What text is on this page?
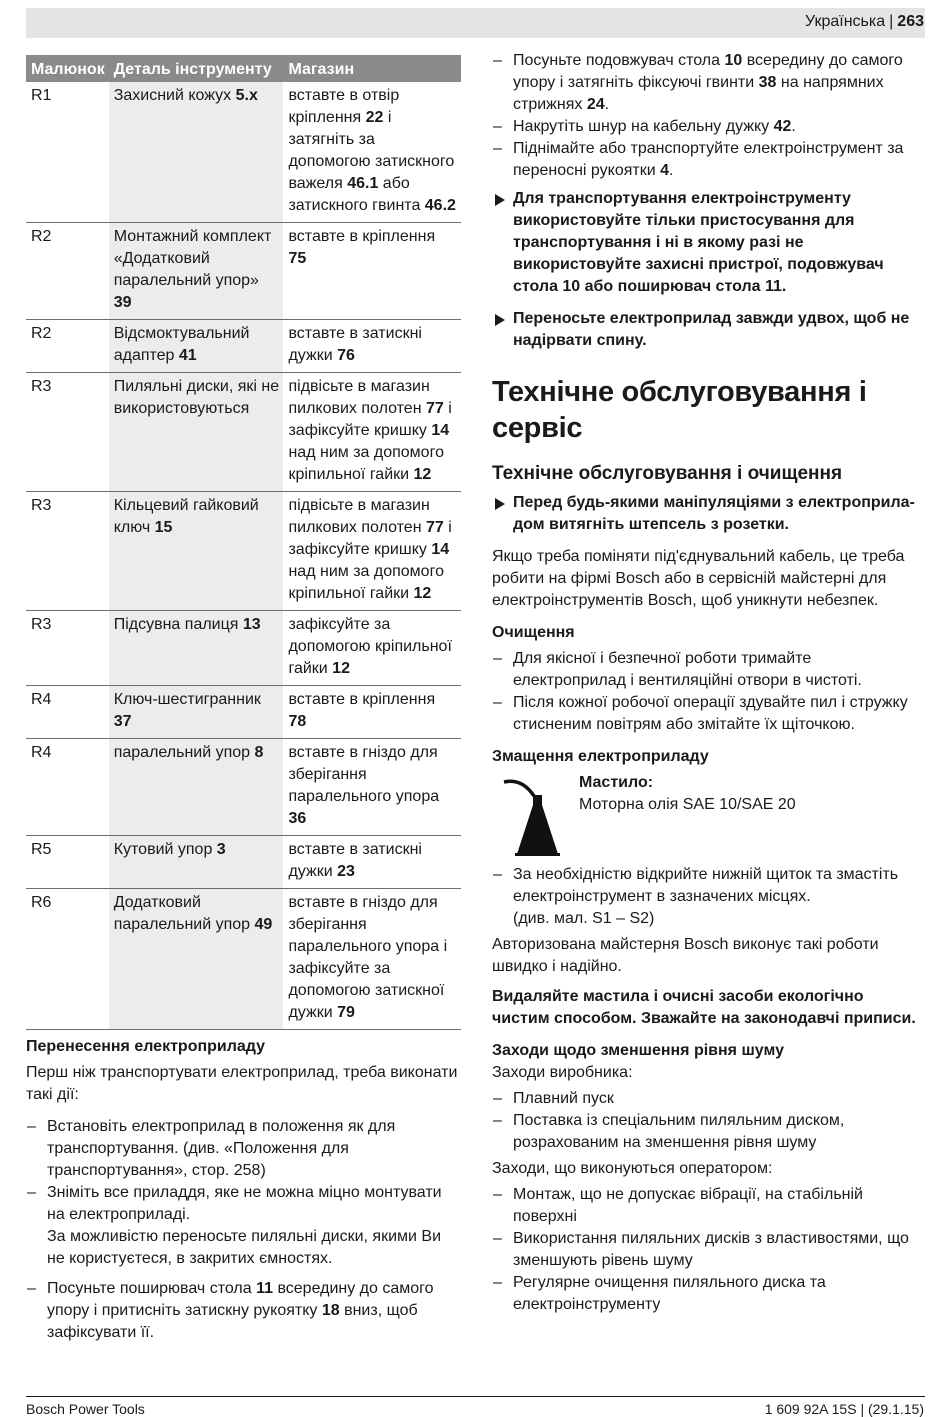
Українська | 263
Bosch Power Tools	1 609 92A 15S | (29.1.15)
Малюнок	Деталь інструменту	Магазин
R1	Захисний кожух 5.x	вставте в отвір кріплення 22 і затягніть за допомогою затискного важеля 46.1 або затискного гвинта 46.2
R2	Монтажний комплект «Додатковий паралельний упор» 39	вставте в кріплення 75
R2	Відсмоктувальний адаптер 41	вставте в затискні дужки 76
R3	Пиляльні диски, які не використовуються	підвісьте в магазин пилкових полотен 77 і зафіксуйте кришку 14 над ним за допомого кріпильної гайки 12
R3	Кільцевий гайковий ключ 15	підвісьте в магазин пилкових полотен 77 і зафіксуйте кришку 14 над ним за допомого кріпильної гайки 12
R3	Підсувна палиця 13	зафіксуйте за допомогою кріпильної гайки 12
R4	Ключ-шестигранник 37	вставте в кріплення 78
R4	паралельний упор 8	вставте в гніздо для зберігання паралельного упора 36
R5	Кутовий упор 3	вставте в затискні дужки 23
R6	Додатковий паралельний упор 49	вставте в гніздо для зберігання паралельного упора і зафіксуйте за допомогою затискної дужки 79
Перенесення електроприладу

Перш ніж транспортувати електроприлад, треба виконати такі дії:

– Встановіть електроприлад в положення як для транспортування. (див. «Положення для транспортування», стор. 258)
– Зніміть все приладдя, яке не можна міцно монтувати на електроприладі.
За можливістю переносьте пиляльні диски, якими Ви не користуєтеся, в закритих ємностях.
– Посуньте поширювач стола 11 всередину до самого упору і притисніть затискну рукоятку 18 вниз, щоб зафіксувати її.
– Посуньте подовжувач стола 10 всередину до самого упору і затягніть фіксуючі гвинти 38 на напрямних стрижнях 24.
– Накрутіть шнур на кабельну дужку 42.
– Піднімайте або транспортуйте електроінструмент за переносні рукоятки 4.
Для транспортування електроінструменту використовуйте тільки пристосування для транспортування і ні в якому разі не використовуйте захисні пристрої, подовжувач стола 10 або поширювач стола 11.
Переносьте електроприлад завжди удвох, щоб не надірвати спину.
Технічне обслуговування і сервіс
Технічне обслуговування і очищення
Перед будь-якими маніпуляціями з електроприла-дом витягніть штепсель з розетки.

Якщо треба поміняти під'єднувальний кабель, це треба робити на фірмі Bosch або в сервісній майстерні для електроінструментів Bosch, щоб уникнути небезпек.

Очищення
– Для якісної і безпечної роботи тримайте електроприлад і вентиляційні отвори в чистоті.
– Після кожної робочої операції здувайте пил і стружку стисненим повітрям або змітайте їх щіточкою.
Змащення електроприладу
Мастило:
Моторна олія SAE 10/SAE 20
– За необхідністю відкрийте нижній щиток та змастіть електроінструмент в зазначених місцях.
(див. мал. S1 – S2)

Авторизована майстерня Bosch виконує такі роботи швидко і надійно.

Видаляйте мастила і очисні засоби екологічно чистим способом. Зважайте на законодавчі приписи.

Заходи щодо зменшення рівня шуму

Заходи виробника:

– Плавний пуск
– Поставка із спеціальним пиляльним диском, розрахованим на зменшення рівня шуму

Заходи, що виконуються оператором:

– Монтаж, що не допускає вібрації, на стабільній поверхні
– Використання пиляльних дисків з властивостями, що зменшують рівень шуму
– Регулярне очищення пиляльного диска та електроінструменту
